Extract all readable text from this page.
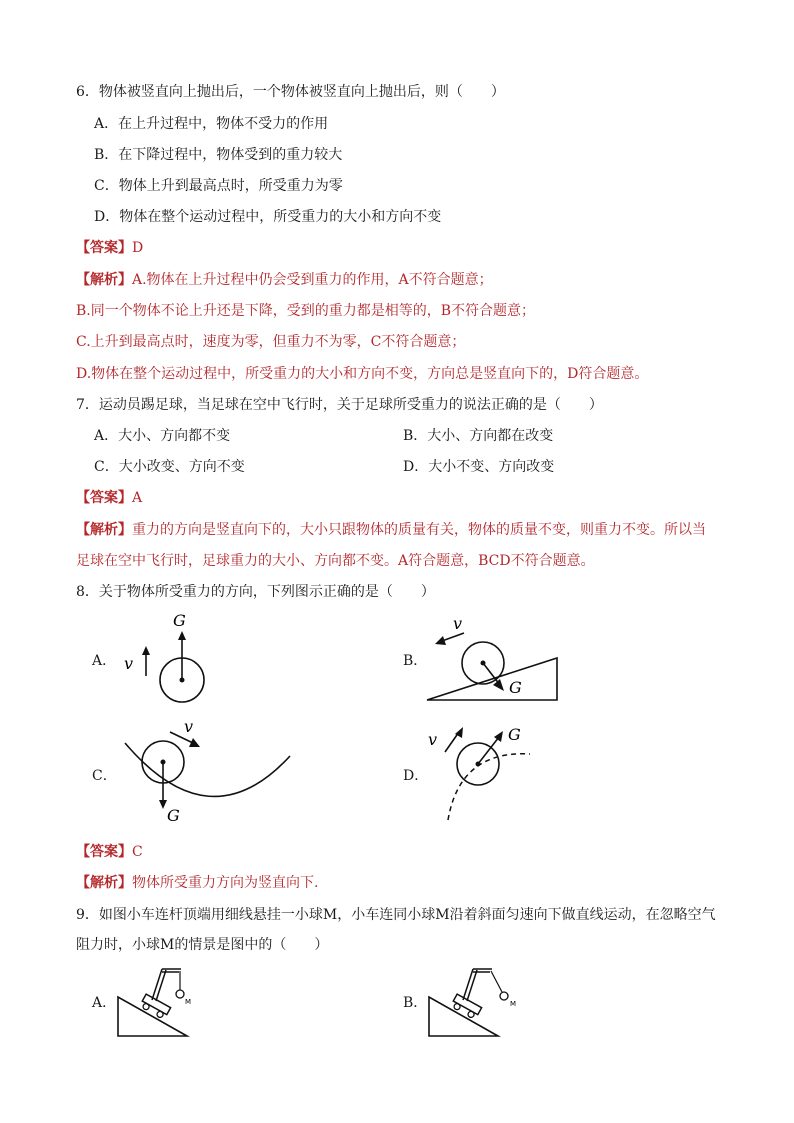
6．物体被竖直向上抛出后，一个物体被竖直向上抛出后，则（　　）
A．在上升过程中，物体不受力的作用
B．在下降过程中，物体受到的重力较大
C．物体上升到最高点时，所受重力为零
D．物体在整个运动过程中，所受重力的大小和方向不变
【答案】D
【解析】A.物体在上升过程中仍会受到重力的作用，A不符合题意；
B.同一个物体不论上升还是下降，受到的重力都是相等的，B不符合题意；
C.上升到最高点时，速度为零，但重力不为零，C不符合题意；
D.物体在整个运动过程中，所受重力的大小和方向不变，方向总是竖直向下的，D符合题意。
7．运动员踢足球，当足球在空中飞行时，关于足球所受重力的说法正确的是（　　）
A．大小、方向都不变	B．大小、方向都在改变
C．大小改变、方向不变	D．大小不变、方向改变
【答案】A
【解析】重力的方向是竖直向下的，大小只跟物体的质量有关，物体的质量不变，则重力不变。所以当
足球在空中飞行时，足球重力的大小、方向都不变。A符合题意，BCD不符合题意。
8．关于物体所受重力的方向，下列图示正确的是（　　）
A． v
G
B．
v
G
C．
v
G
D．
v	G
【答案】C
【解析】物体所受重力方向为竖直向下.
9．如图小车连杆顶端用细线悬挂一小球M，小车连同小球M沿着斜面匀速向下做直线运动，在忽略空气
阻力时，小球M的情景是图中的（　　）
A．	M	B．	M
